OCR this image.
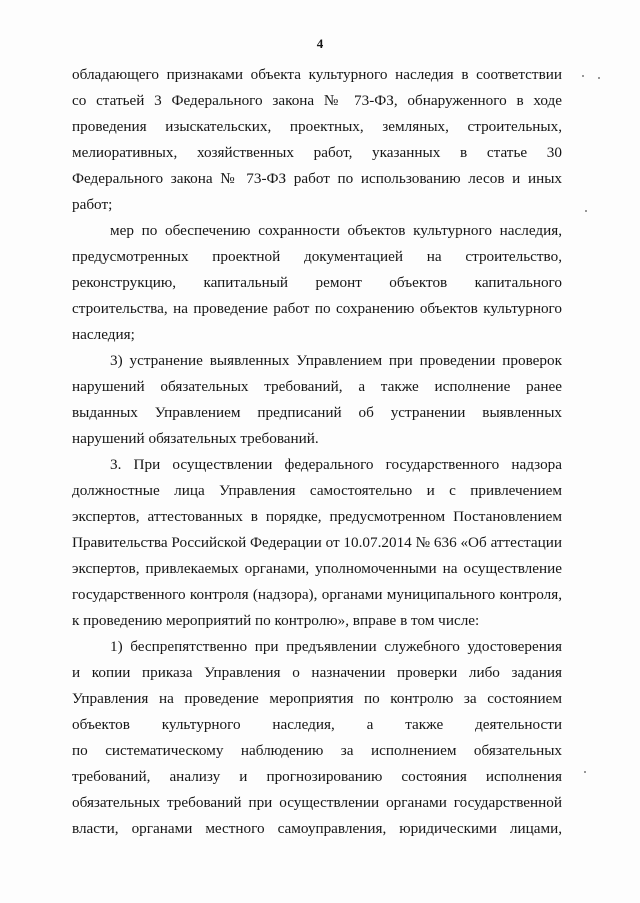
4
обладающего признаками объекта культурного наследия в соответствии
со статьей 3 Федерального закона № 73-ФЗ, обнаруженного в ходе
проведения изыскательских, проектных, земляных, строительных,
мелиоративных, хозяйственных работ, указанных в статье 30
Федерального закона № 73-ФЗ работ по использованию лесов и иных
работ;
мер по обеспечению сохранности объектов культурного наследия,
предусмотренных проектной документацией на строительство,
реконструкцию, капитальный ремонт объектов капитального
строительства, на проведение работ по сохранению объектов культурного
наследия;
3) устранение выявленных Управлением при проведении проверок
нарушений обязательных требований, а также исполнение ранее
выданных Управлением предписаний об устранении выявленных
нарушений обязательных требований.
3. При осуществлении федерального государственного надзора
должностные лица Управления самостоятельно и с привлечением
экспертов, аттестованных в порядке, предусмотренном Постановлением
Правительства Российской Федерации от 10.07.2014 № 636 «Об аттестации
экспертов, привлекаемых органами, уполномоченными на осуществление
государственного контроля (надзора), органами муниципального контроля,
к проведению мероприятий по контролю», вправе в том числе:
1) беспрепятственно при предъявлении служебного удостоверения
и копии приказа Управления о назначении проверки либо задания
Управления на проведение мероприятия по контролю за состоянием
объектов культурного наследия, а также деятельности
по систематическому наблюдению за исполнением обязательных
требований, анализу и прогнозированию состояния исполнения
обязательных требований при осуществлении органами государственной
власти, органами местного самоуправления, юридическими лицами,
